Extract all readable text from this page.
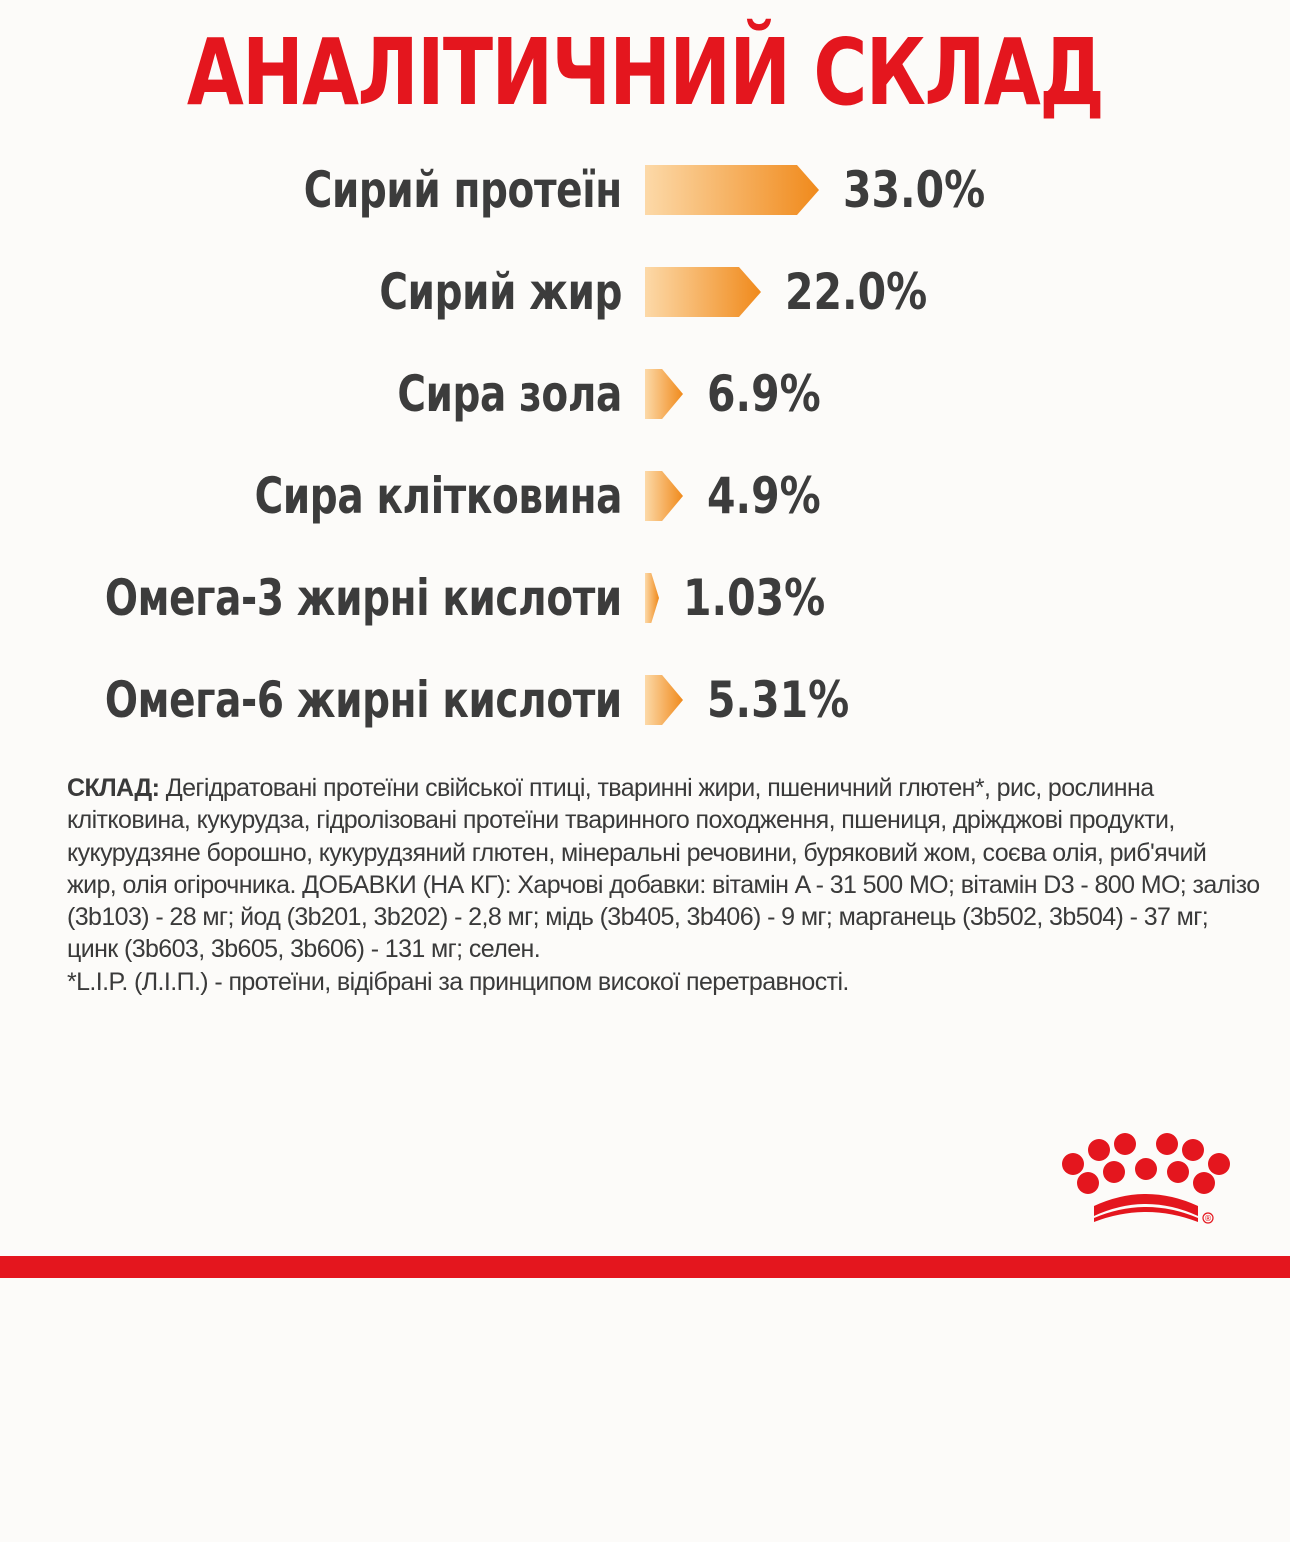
АНАЛІТИЧНИЙ СКЛАД
Сирий протеїн	33.0%
Сирий жир	22.0%
Сира зола 6.9%
Сира клітковина 4.9%
Омега-3 жирні кислоти 1.03%
Омега-6 жирні кислоти 5.31%

СКЛАД: Дегідратовані протеїни свійської птиці, тваринні жири, пшеничний глютен*, рис, рослинна
клітковина, кукурудза, гідролізовані протеїни тваринного походження, пшениця, дріжджові продукти,
кукурудзяне борошно, кукурудзяний глютен, мінеральні речовини, буряковий жом, соєва олія, риб'ячий
жир, олія огірочника. ДОБАВКИ (НА КГ): Харчові добавки: вітамін A - 31 500 МО; вітамін D3 - 800 МО; залізо
(3b103) - 28 мг; йод (3b201, 3b202) - 2,8 мг; мідь (3b405, 3b406) - 9 мг; марганець (3b502, 3b504) - 37 мг;
цинк (3b603, 3b605, 3b606) - 131 мг; селен.
*L.I.P. (Л.І.П.) - протеїни, відібрані за принципом високої перетравності.

®
